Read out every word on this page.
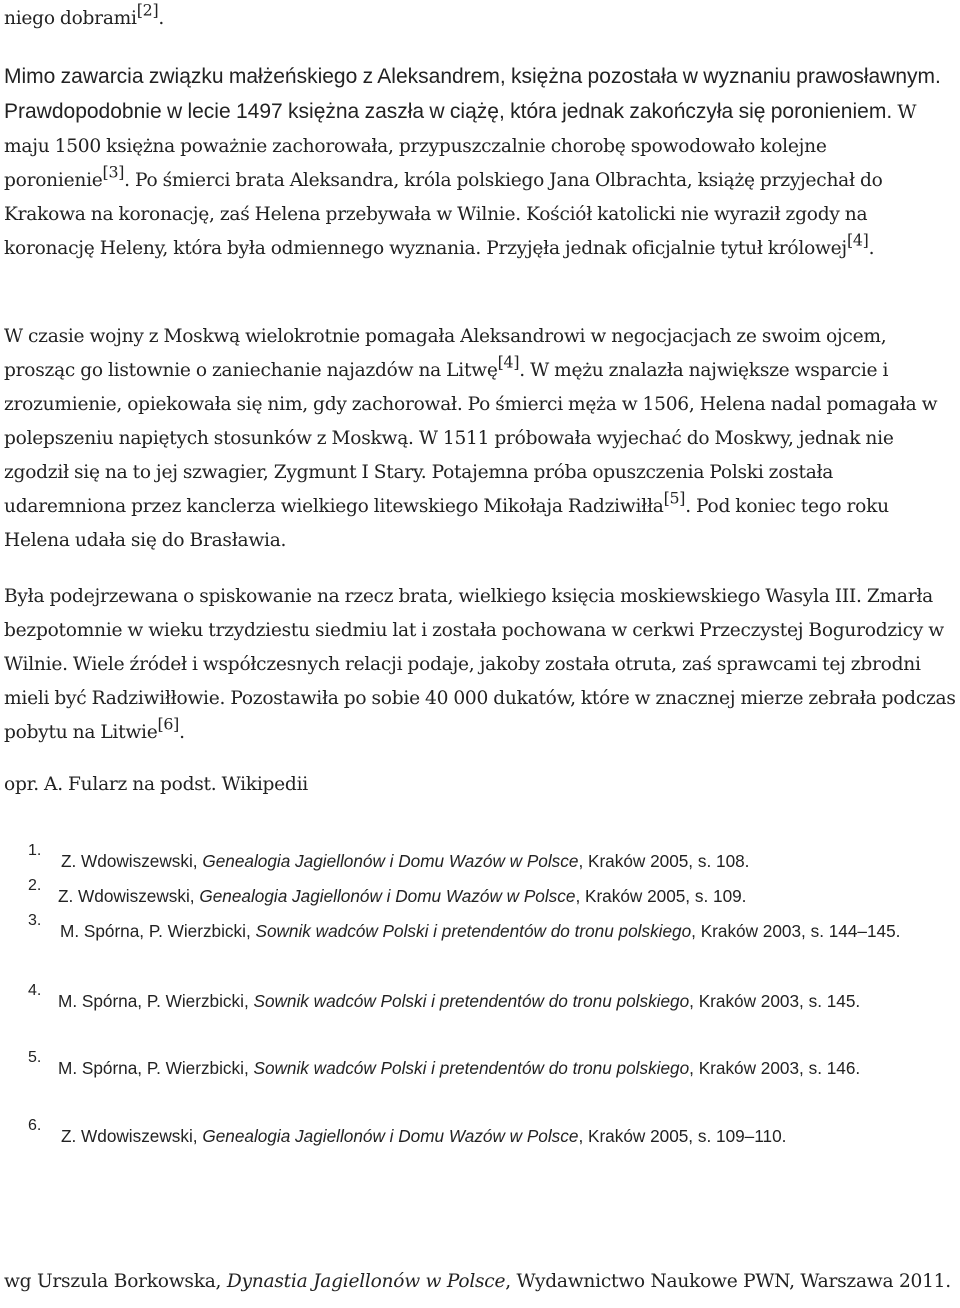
niego dobrami[2].

Mimo zawarcia związku małżeńskiego z Aleksandrem, księżna pozostała w wyznaniu prawosławnym. Prawdopodobnie w lecie 1497 księżna zaszła w ciążę, która jednak zakończyła się poronieniem. W maju 1500 księżna poważnie zachorowała, przypuszczalnie chorobę spowodowało kolejne poronienie[3]. Po śmierci brata Aleksandra, króla polskiego Jana Olbrachta, książę przyjechał do Krakowa na koronację, zaś Helena przebywała w Wilnie. Kościół katolicki nie wyraził zgody na koronację Heleny, która była odmiennego wyznania. Przyjęła jednak oficjalnie tytuł królowej[4].

W czasie wojny z Moskwą wielokrotnie pomagała Aleksandrowi w negocjacjach ze swoim ojcem, prosząc go listownie o zaniechanie najazdów na Litwę[4]. W mężu znalazła największe wsparcie i zrozumienie, opiekowała się nim, gdy zachorował. Po śmierci męża w 1506, Helena nadal pomagała w polepszeniu napiętych stosunków z Moskwą. W 1511 próbowała wyjechać do Moskwy, jednak nie zgodził się na to jej szwagier, Zygmunt I Stary. Potajemna próba opuszczenia Polski została udaremniona przez kanclerza wielkiego litewskiego Mikołaja Radziwiłła[5]. Pod koniec tego roku Helena udała się do Brasławia.

Była podejrzewana o spiskowanie na rzecz brata, wielkiego księcia moskiewskiego Wasyla III. Zmarła bezpotomnie w wieku trzydziestu siedmiu lat i została pochowana w cerkwi Przeczystej Bogurodzicy w Wilnie. Wiele źródeł i współczesnych relacji podaje, jakoby została otruta, zaś sprawcami tej zbrodni mieli być Radziwiłłowie. Pozostawiła po sobie 40 000 dukatów, które w znacznej mierze zebrała podczas pobytu na Litwie[6].

opr. A. Fularz na podst. Wikipedii

1.
Z. Wdowiszewski, Genealogia Jagiellonów i Domu Wazów w Polsce, Kraków 2005, s. 108.
2.
Z. Wdowiszewski, Genealogia Jagiellonów i Domu Wazów w Polsce, Kraków 2005, s. 109.
3.
M. Spórna, P. Wierzbicki, Sownik wadców Polski i pretendentów do tronu polskiego, Kraków 2003, s. 144–145.
4.
M. Spórna, P. Wierzbicki, Sownik wadców Polski i pretendentów do tronu polskiego, Kraków 2003, s. 145.
5.
M. Spórna, P. Wierzbicki, Sownik wadców Polski i pretendentów do tronu polskiego, Kraków 2003, s. 146.
6.
Z. Wdowiszewski, Genealogia Jagiellonów i Domu Wazów w Polsce, Kraków 2005, s. 109–110.

wg Urszula Borkowska, Dynastia Jagiellonów w Polsce, Wydawnictwo Naukowe PWN, Warszawa 2011.
